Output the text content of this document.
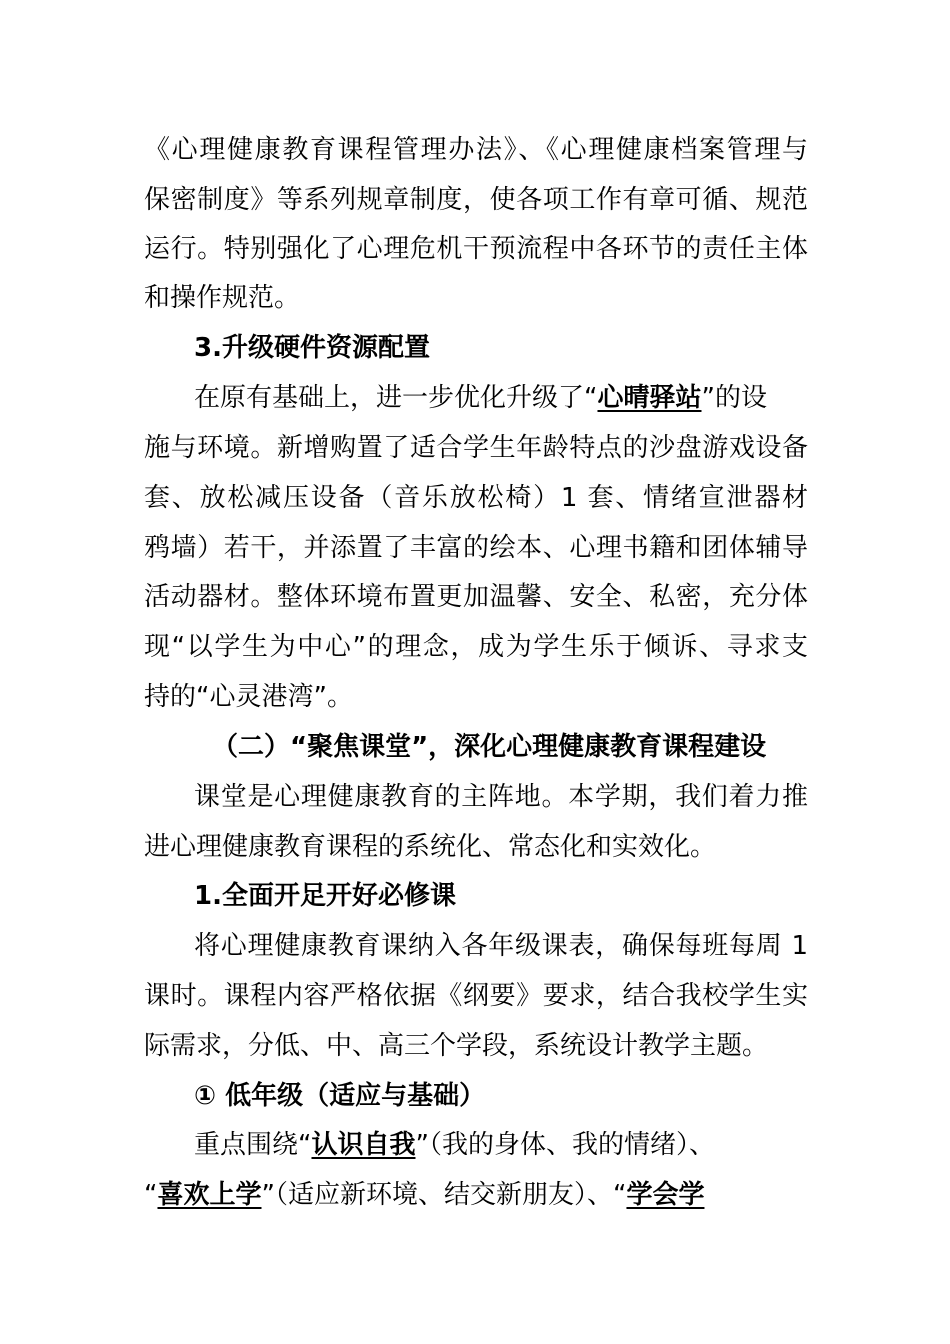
《心理健康教育课程管理办法》、《心理健康档案管理与
保密制度》等系列规章制度，使各项工作有章可循、规范
运行。特别强化了心理危机干预流程中各环节的责任主体
和操作规范。
3.升级硬件资源配置
在原有基础上，进一步优化升级了“心晴驿站”的设
施与环境。新增购置了适合学生年龄特点的沙盘游戏设备
套、放松减压设备（音乐放松椅）1 套、情绪宣泄器材
鸦墙）若干，并添置了丰富的绘本、心理书籍和团体辅导
活动器材。整体环境布置更加温馨、安全、私密，充分体
现“以学生为中心”的理念，成为学生乐于倾诉、寻求支
持的“心灵港湾”。
（二）“聚焦课堂”，深化心理健康教育课程建设
课堂是心理健康教育的主阵地。本学期，我们着力推
进心理健康教育课程的系统化、常态化和实效化。
1.全面开足开好必修课
将心理健康教育课纳入各年级课表，确保每班每周 1
课时。课程内容严格依据《纲要》要求，结合我校学生实
际需求，分低、中、高三个学段，系统设计教学主题。
① 低年级（适应与基础）
重点围绕“认识自我”（我的身体、我的情绪）、
“喜欢上学”（适应新环境、结交新朋友）、“学会学
